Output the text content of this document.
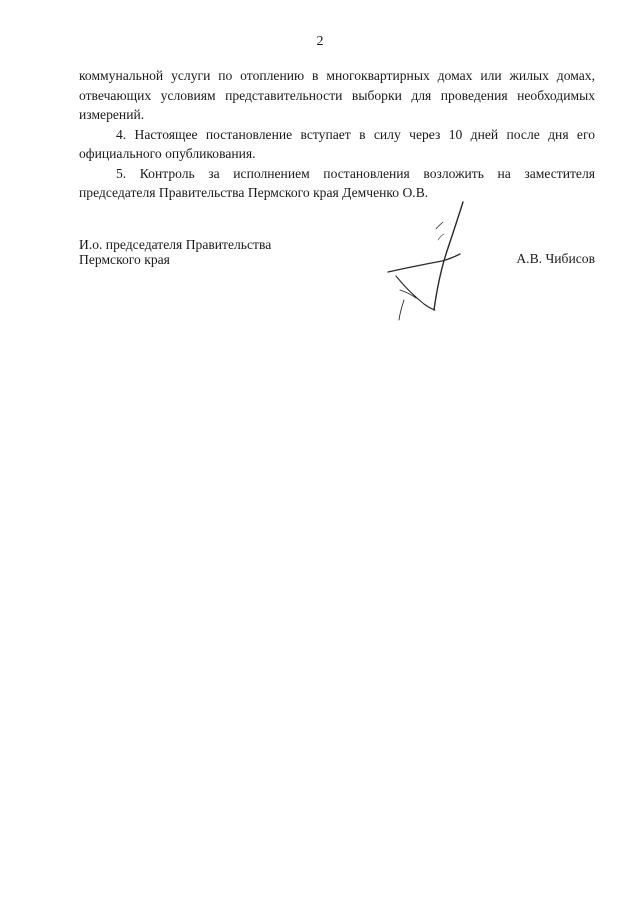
2

коммунальной услуги по отоплению в многоквартирных домах или жилых домах, отвечающих условиям представительности выборки для проведения необходимых измерений.

4. Настоящее постановление вступает в силу через 10 дней после дня его официального опубликования.

5. Контроль за исполнением постановления возложить на заместителя председателя Правительства Пермского края Демченко О.В.

И.о. председателя Правительства
Пермского края	А.В. Чибисов
